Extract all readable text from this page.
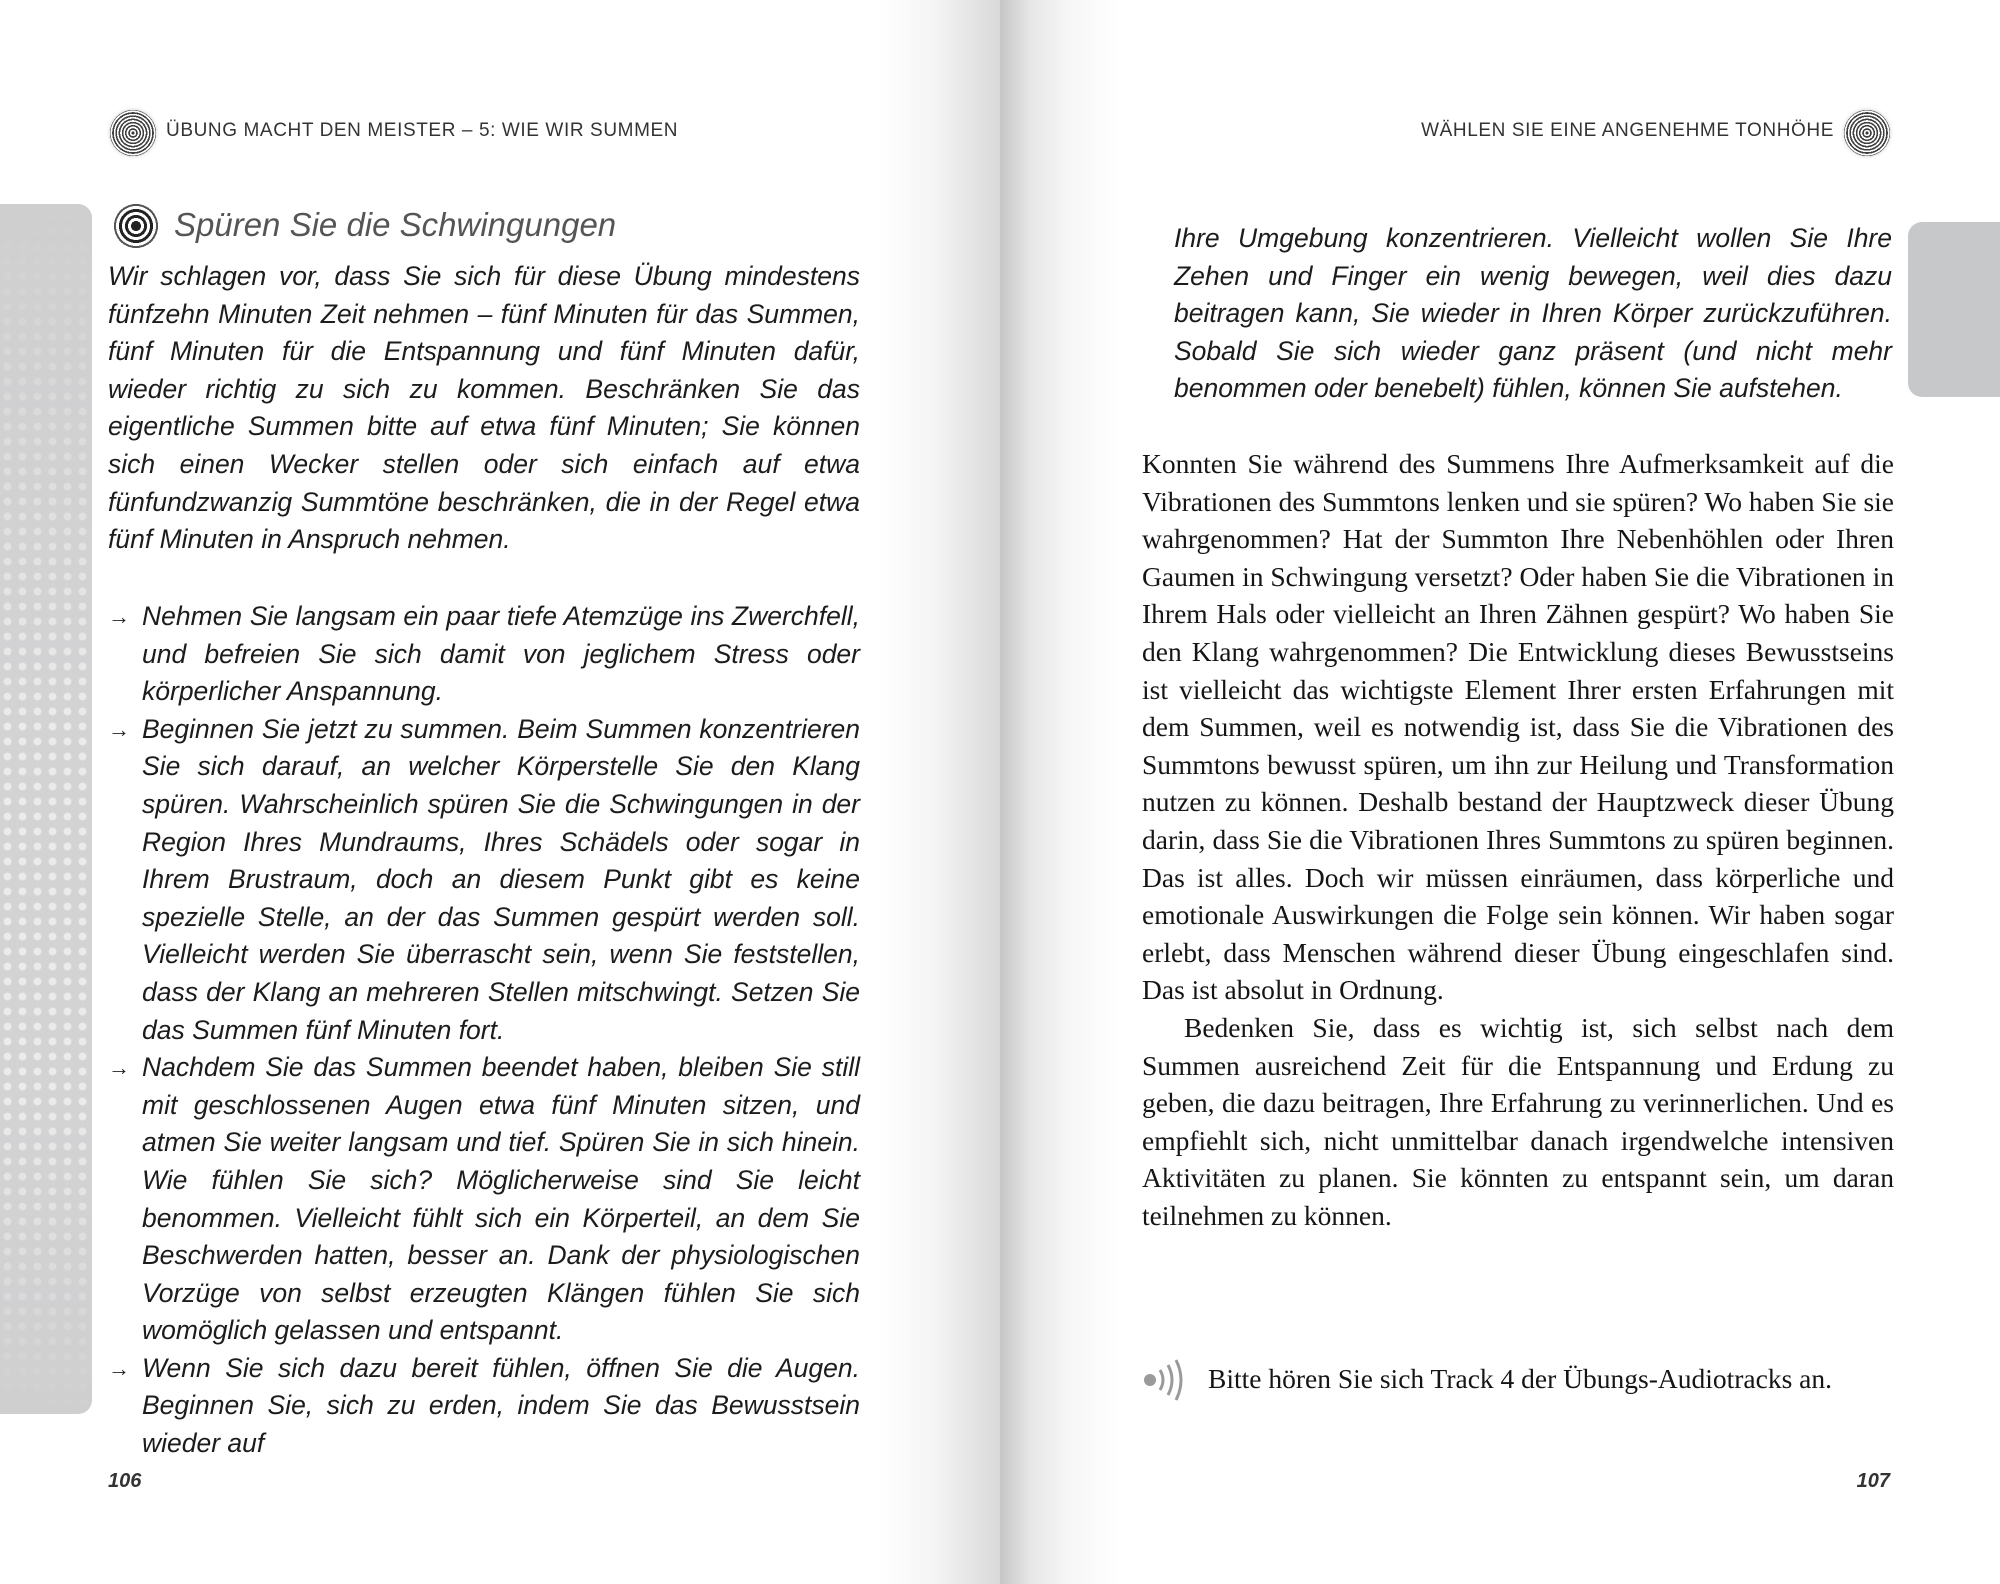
ÜBUNG MACHT DEN MEISTER – 5: WIE WIR SUMMEN
Spüren Sie die Schwingungen

Wir schlagen vor, dass Sie sich für diese Übung mindestens fünfzehn Minuten Zeit nehmen – fünf Minuten für das Summen, fünf Minuten für die Entspannung und fünf Minuten dafür, wieder richtig zu sich zu kommen. Beschränken Sie das eigentliche Summen bitte auf etwa fünf Minuten; Sie können sich einen Wecker stellen oder sich einfach auf etwa fünfundzwanzig Summtöne beschränken, die in der Regel etwa fünf Minuten in Anspruch nehmen.

→ Nehmen Sie langsam ein paar tiefe Atemzüge ins Zwerchfell, und befreien Sie sich damit von jeglichem Stress oder körperlicher Anspannung.
→ Beginnen Sie jetzt zu summen. Beim Summen konzentrieren Sie sich darauf, an welcher Körperstelle Sie den Klang spüren. Wahrscheinlich spüren Sie die Schwingungen in der Region Ihres Mundraums, Ihres Schädels oder sogar in Ihrem Brustraum, doch an diesem Punkt gibt es keine spezielle Stelle, an der das Summen gespürt werden soll. Vielleicht werden Sie überrascht sein, wenn Sie feststellen, dass der Klang an mehreren Stellen mitschwingt. Setzen Sie das Summen fünf Minuten fort.
→ Nachdem Sie das Summen beendet haben, bleiben Sie still mit geschlossenen Augen etwa fünf Minuten sitzen, und atmen Sie weiter langsam und tief. Spüren Sie in sich hinein. Wie fühlen Sie sich? Möglicherweise sind Sie leicht benommen. Vielleicht fühlt sich ein Körperteil, an dem Sie Beschwerden hatten, besser an. Dank der physiologischen Vorzüge von selbst erzeugten Klängen fühlen Sie sich womöglich gelassen und entspannt.
→ Wenn Sie sich dazu bereit fühlen, öffnen Sie die Augen. Beginnen Sie, sich zu erden, indem Sie das Bewusstsein wieder auf
106
WÄHLEN SIE EINE ANGENEHME TONHÖHE

Ihre Umgebung konzentrieren. Vielleicht wollen Sie Ihre Zehen und Finger ein wenig bewegen, weil dies dazu beitragen kann, Sie wieder in Ihren Körper zurückzuführen. Sobald Sie sich wieder ganz präsent (und nicht mehr benommen oder benebelt) fühlen, können Sie aufstehen.

Konnten Sie während des Summens Ihre Aufmerksamkeit auf die Vibrationen des Summtons lenken und sie spüren? Wo haben Sie sie wahrgenommen? Hat der Summton Ihre Nebenhöhlen oder Ihren Gaumen in Schwingung versetzt? Oder haben Sie die Vibrationen in Ihrem Hals oder vielleicht an Ihren Zähnen gespürt? Wo haben Sie den Klang wahrgenommen? Die Entwicklung dieses Bewusstseins ist vielleicht das wichtigste Element Ihrer ersten Erfahrungen mit dem Summen, weil es notwendig ist, dass Sie die Vibrationen des Summtons bewusst spüren, um ihn zur Heilung und Transformation nutzen zu können. Deshalb bestand der Hauptzweck dieser Übung darin, dass Sie die Vibrationen Ihres Summtons zu spüren beginnen. Das ist alles. Doch wir müssen einräumen, dass körperliche und emotionale Auswirkungen die Folge sein können. Wir haben sogar erlebt, dass Menschen während dieser Übung eingeschlafen sind. Das ist absolut in Ordnung.

Bedenken Sie, dass es wichtig ist, sich selbst nach dem Summen ausreichend Zeit für die Entspannung und Erdung zu geben, die dazu beitragen, Ihre Erfahrung zu verinnerlichen. Und es empfiehlt sich, nicht unmittelbar danach irgendwelche intensiven Aktivitäten zu planen. Sie könnten zu entspannt sein, um daran teilnehmen zu können.

Bitte hören Sie sich Track 4 der Übungs-Audiotracks an.
107
